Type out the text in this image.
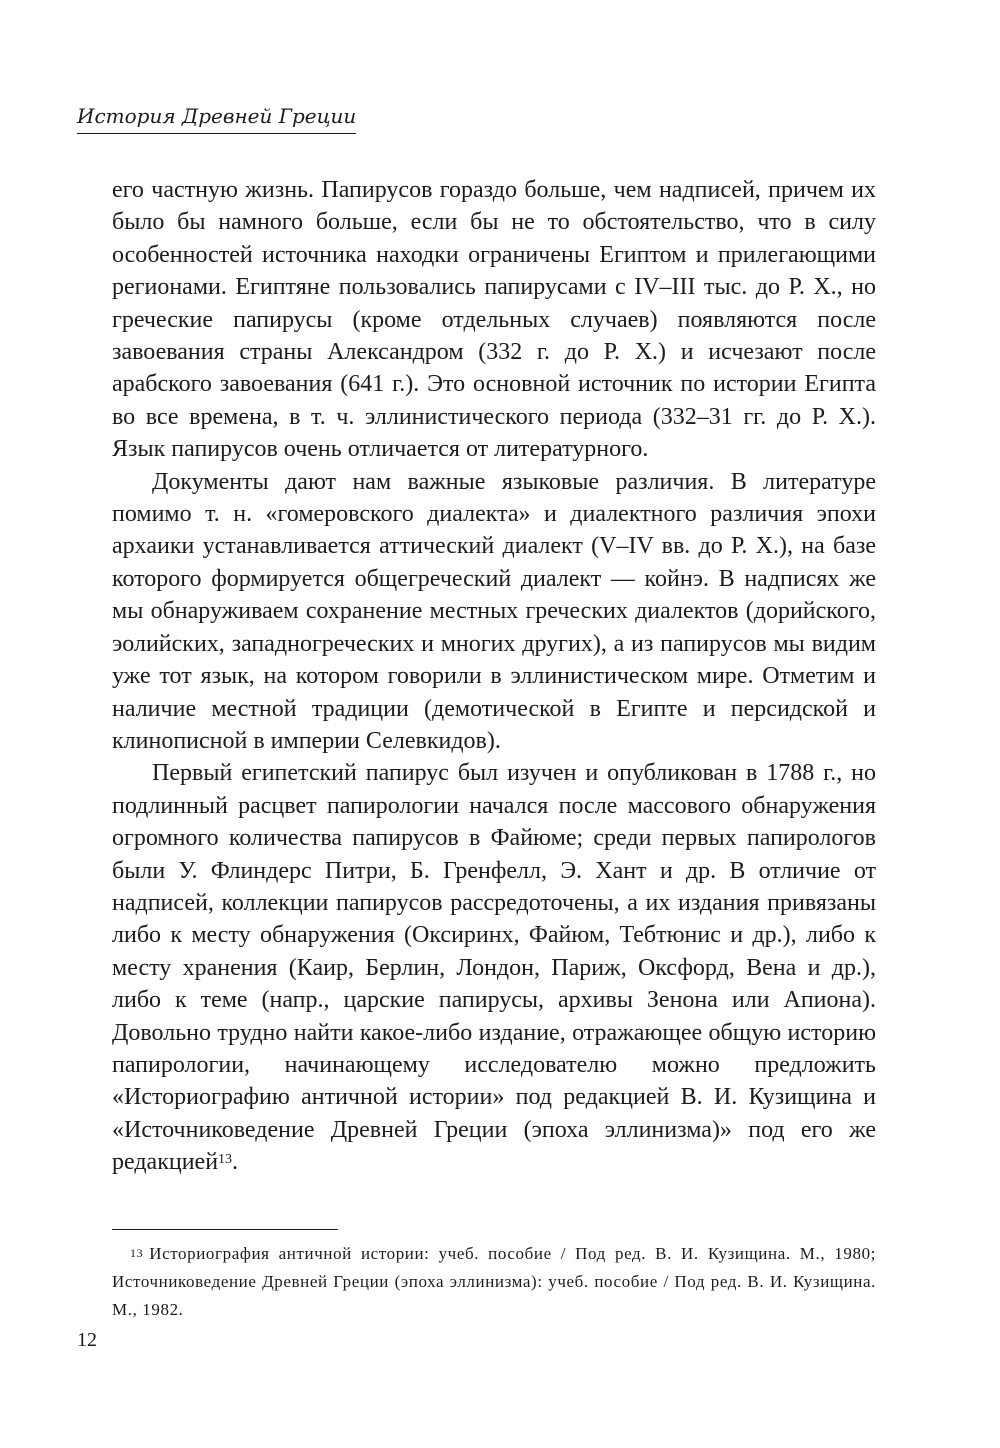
История Древней Греции

его частную жизнь. Папирусов гораздо больше, чем надписей, причем их было бы намного больше, если бы не то обстоятельство, что в силу особенностей источника находки ограничены Египтом и прилегающими регионами. Египтяне пользовались папирусами с IV–III тыс. до Р. Х., но греческие папирусы (кроме отдельных случаев) появляются после завоевания страны Александром (332 г. до Р. Х.) и исчезают после арабского завоевания (641 г.). Это основной источник по истории Египта во все времена, в т. ч. эллинистического периода (332–31 гг. до Р. Х.). Язык папирусов очень отличается от литературного.

Документы дают нам важные языковые различия. В литературе помимо т. н. «гомеровского диалекта» и диалектного различия эпохи архаики устанавливается аттический диалект (V–IV вв. до Р. Х.), на базе которого формируется общегреческий диалект — койнэ. В надписях же мы обнаруживаем сохранение местных греческих диалектов (дорийского, эолийских, западногреческих и многих других), а из папирусов мы видим уже тот язык, на котором говорили в эллинистическом мире. Отметим и наличие местной традиции (демотической в Египте и персидской и клинописной в империи Селевкидов).

Первый египетский папирус был изучен и опубликован в 1788 г., но подлинный расцвет папирологии начался после массового обнаружения огромного количества папирусов в Файюме; среди первых папирологов были У. Флиндерс Питри, Б. Гренфелл, Э. Хант и др. В отличие от надписей, коллекции папирусов рассредоточены, а их издания привязаны либо к месту обнаружения (Оксиринх, Файюм, Тебтюнис и др.), либо к месту хранения (Каир, Берлин, Лондон, Париж, Оксфорд, Вена и др.), либо к теме (напр., царские папирусы, архивы Зенона или Апиона). Довольно трудно найти какое-либо издание, отражающее общую историю папирологии, начинающему исследователю можно предложить «Историографию античной истории» под редакцией В. И. Кузищина и «Источниковедение Древней Греции (эпоха эллинизма)» под его же редакцией$^{13}$.

$^{13}$ Историография античной истории: учеб. пособие / Под ред. В. И. Кузищина. М., 1980; Источниковедение Древней Греции (эпоха эллинизма): учеб. пособие / Под ред. В. И. Кузищина. М., 1982.
12
